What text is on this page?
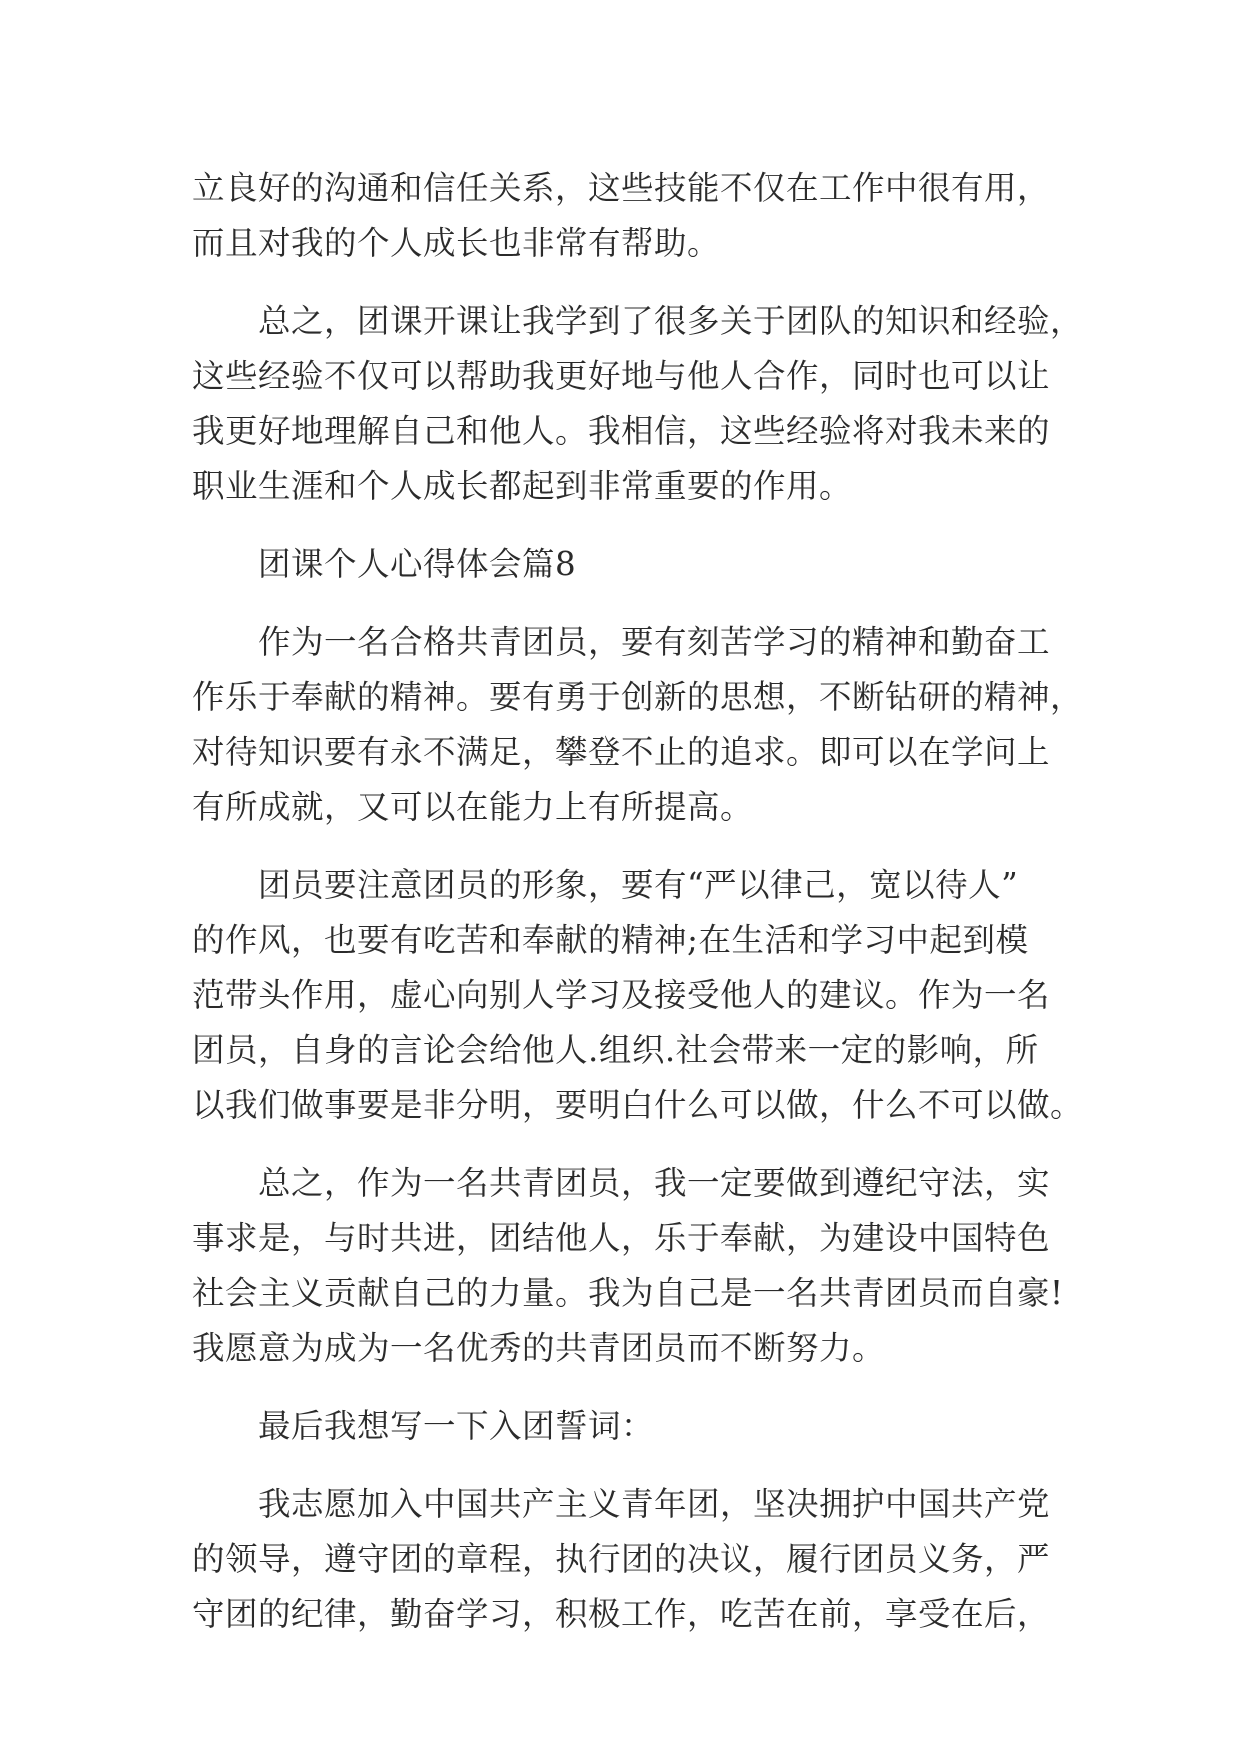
立良好的沟通和信任关系，这些技能不仅在工作中很有用，
而且对我的个人成长也非常有帮助。
总之，团课开课让我学到了很多关于团队的知识和经验，
这些经验不仅可以帮助我更好地与他人合作，同时也可以让
我更好地理解自己和他人。我相信，这些经验将对我未来的
职业生涯和个人成长都起到非常重要的作用。
团课个人心得体会篇8
作为一名合格共青团员，要有刻苦学习的精神和勤奋工
作乐于奉献的精神。要有勇于创新的思想，不断钻研的精神，
对待知识要有永不满足，攀登不止的追求。即可以在学问上
有所成就，又可以在能力上有所提高。
团员要注意团员的形象，要有“严以律己，宽以待人”
的作风，也要有吃苦和奉献的精神;在生活和学习中起到模
范带头作用，虚心向别人学习及接受他人的建议。作为一名
团员，自身的言论会给他人.组织.社会带来一定的影响，所
以我们做事要是非分明，要明白什么可以做，什么不可以做。
总之，作为一名共青团员，我一定要做到遵纪守法，实
事求是，与时共进，团结他人，乐于奉献，为建设中国特色
社会主义贡献自己的力量。我为自己是一名共青团员而自豪!
我愿意为成为一名优秀的共青团员而不断努力。
最后我想写一下入团誓词：
我志愿加入中国共产主义青年团，坚决拥护中国共产党
的领导，遵守团的章程，执行团的决议，履行团员义务，严
守团的纪律，勤奋学习，积极工作，吃苦在前，享受在后，
